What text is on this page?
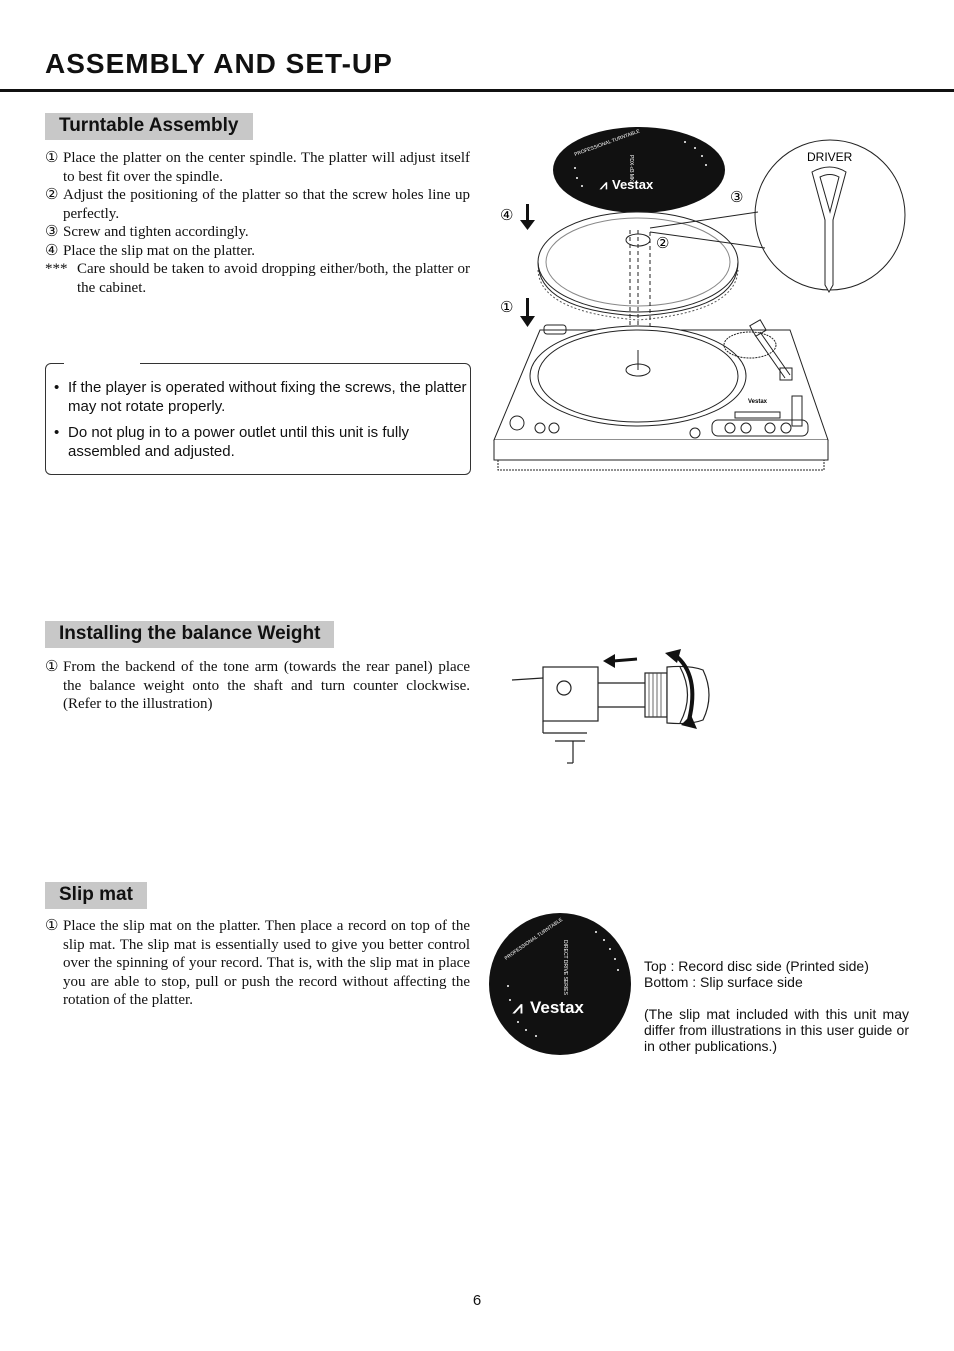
ASSEMBLY AND SET-UP
Turntable Assembly
① Place the platter on the center spindle. The platter will adjust itself to best fit over the spindle.
② Adjust the positioning of the platter so that the screw holes line up perfectly.
③ Screw and tighten accordingly.
④ Place the slip mat on the platter.
*** Care should be taken to avoid dropping either/both, the platter or the cabinet.
• If the player is operated without fixing the screws, the platter may not rotate properly.
• Do not plug in to a power outlet until this unit is fully assembled and adjusted.
PROFESSIONAL TURNTABLE
PDX-d3 MKII
⩘ Vestax
Vestax
DRIVER
③
②
④
①
Installing the balance Weight
① From the backend of the tone arm (towards the rear panel) place the balance weight onto the shaft and turn counter clockwise. (Refer to the illustration)
Slip mat
① Place the slip mat on the platter. Then place a record on top of the slip mat. The slip mat is essentially used to give you better control over the spinning of your record. That is, with the slip mat in place you are able to stop, pull or push the record without affecting the rotation of the platter.
PROFESSIONAL TURNTABLE
DIRECT DRIVE SERIES
⩘ Vestax
Top : Record disc side (Printed side)
Bottom : Slip surface side
(The slip mat included with this unit may differ from illustrations in this user guide or in other publications.)
6
